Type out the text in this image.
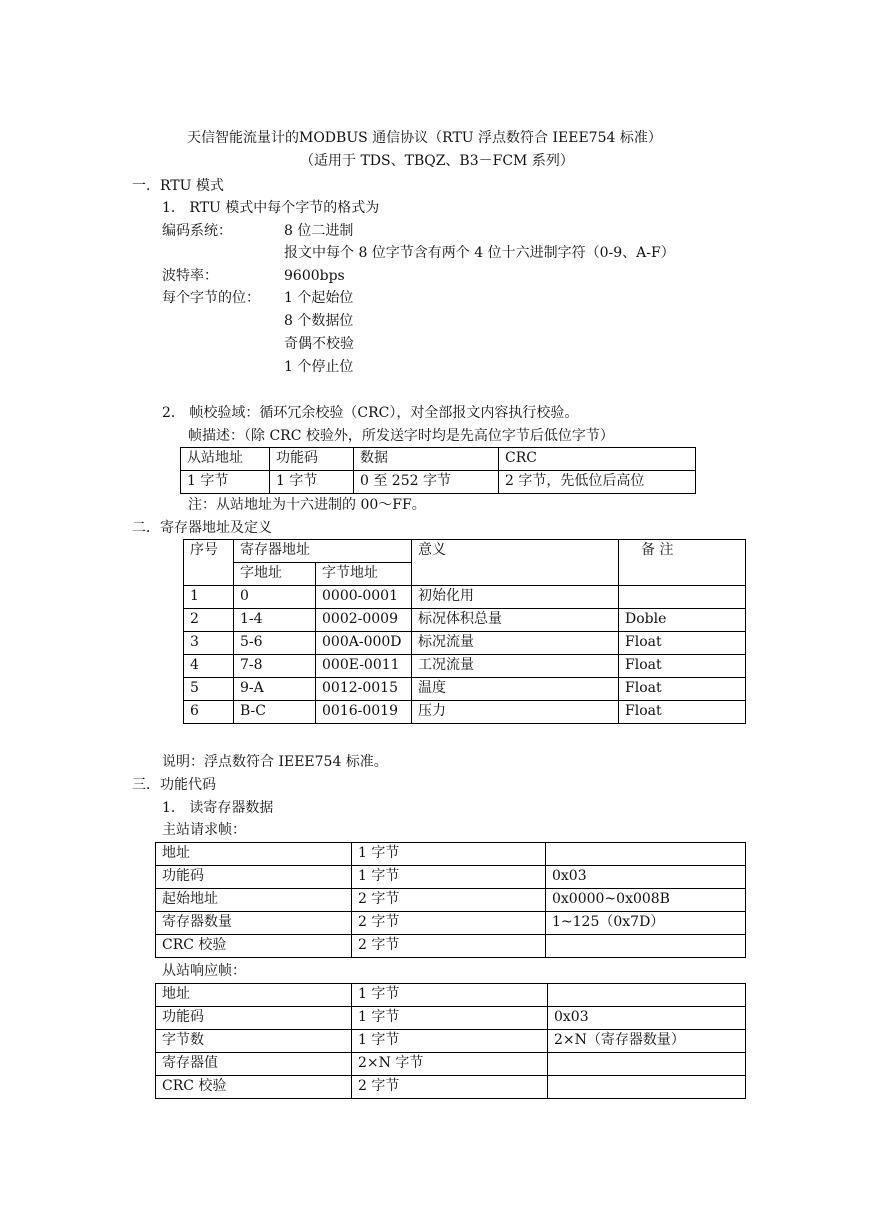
天信智能流量计的MODBUS 通信协议（RTU 浮点数符合 IEEE754 标准）
（适用于 TDS、TBQZ、B3－FCM 系列）
一．RTU 模式
1． RTU 模式中每个字节的格式为
编码系统：	8 位二进制
报文中每个 8 位字节含有两个 4 位十六进制字符（0-9、A-F）
波特率：	9600bps
每个字节的位： 1 个起始位
8 个数据位
奇偶不校验
1 个停止位
2． 帧校验域：循环冗余校验（CRC），对全部报文内容执行校验。
帧描述：（除 CRC 校验外，所发送字时均是先高位字节后低位字节）
从站地址	功能码	数据	CRC
1 字节	1 字节	0 至 252 字节	2 字节，先低位后高位
注：从站地址为十六进制的 00～FF。
二．寄存器地址及定义
序号	寄存器地址		意义	备 注
	字地址	字节地址		
1	0	0000-0001	初始化用	
2	1-4	0002-0009	标况体积总量	Doble
3	5-6	000A-000D	标况流量	Float
4	7-8	000E-0011	工况流量	Float
5	9-A	0012-0015	温度	Float
6	B-C	0016-0019	压力	Float
说明：浮点数符合 IEEE754 标准。
三．功能代码
1． 读寄存器数据
主站请求帧：
地址	1 字节	
功能码	1 字节	0x03
起始地址	2 字节	0x0000~0x008B
寄存器数量	2 字节	1~125（0x7D）
CRC 校验	2 字节	
从站响应帧：
地址	1 字节	
功能码	1 字节	0x03
字节数	1 字节	2×N（寄存器数量）
寄存器值	2×N 字节	
CRC 校验	2 字节	
